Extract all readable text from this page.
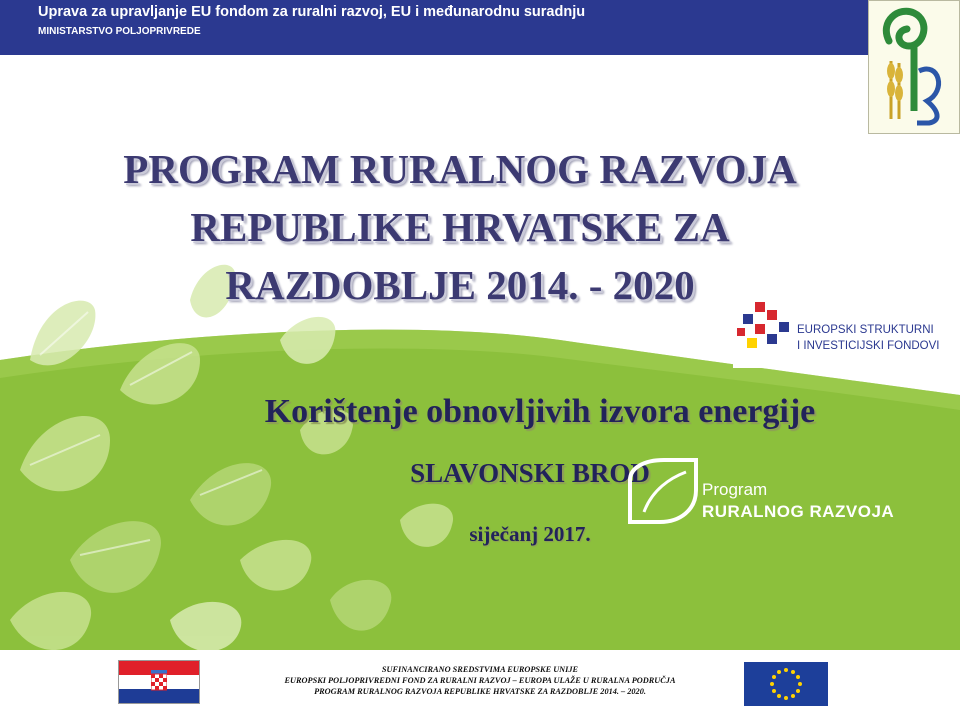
Uprava za upravljanje EU fondom za ruralni razvoj, EU i međunarodnu suradnju
MINISTARSTVO POLJOPRIVREDE
PROGRAM RURALNOG RAZVOJA
REPUBLIKE HRVATSKE ZA
RAZDOBLJE 2014. - 2020
EUROPSKI STRUKTURNI
I INVESTICIJSKI FONDOVI
Korištenje obnovljivih izvora energije
SLAVONSKI BROD
siječanj 2017.
Program
RURALNOG RAZVOJA
SUFINANCIRANO SREDSTVIMA EUROPSKE UNIJE
EUROPSKI POLJOPRIVREDNI FOND ZA RURALNI RAZVOJ – EUROPA ULAŽE U RURALNA PODRUČJA
PROGRAM RURALNOG RAZVOJA REPUBLIKE HRVATSKE ZA RAZDOBLJE 2014. – 2020.
